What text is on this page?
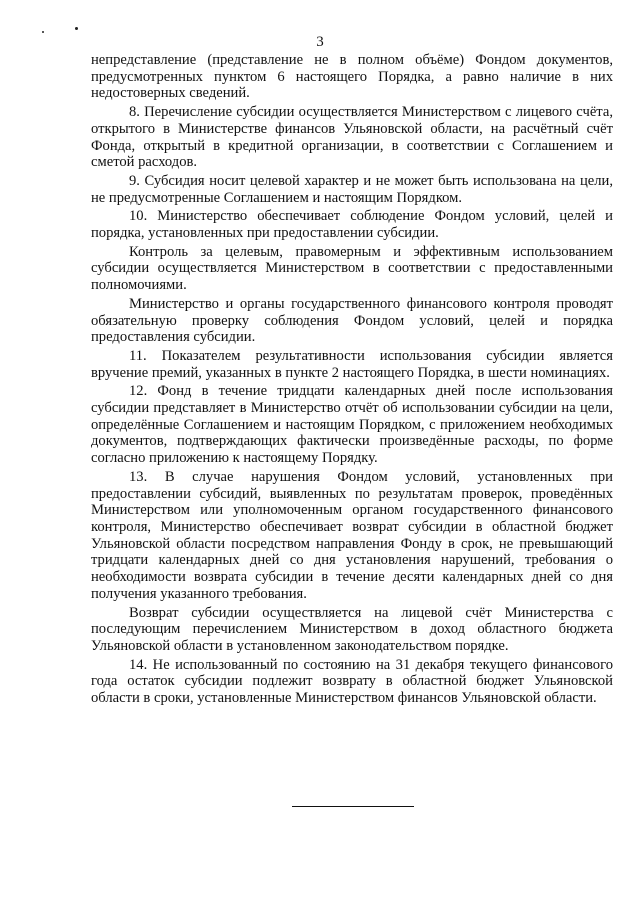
3

непредставление (представление не в полном объёме) Фондом документов, предусмотренных пунктом 6 настоящего Порядка, а равно наличие в них недостоверных сведений.

8. Перечисление субсидии осуществляется Министерством с лицевого счёта, открытого в Министерстве финансов Ульяновской области, на расчётный счёт Фонда, открытый в кредитной организации, в соответствии с Соглашением и сметой расходов.

9. Субсидия носит целевой характер и не может быть использована на цели, не предусмотренные Соглашением и настоящим Порядком.

10. Министерство обеспечивает соблюдение Фондом условий, целей и порядка, установленных при предоставлении субсидии.

Контроль за целевым, правомерным и эффективным использованием субсидии осуществляется Министерством в соответствии с предоставленными полномочиями.

Министерство и органы государственного финансового контроля проводят обязательную проверку соблюдения Фондом условий, целей и порядка предоставления субсидии.

11. Показателем результативности использования субсидии является вручение премий, указанных в пункте 2 настоящего Порядка, в шести номинациях.

12. Фонд в течение тридцати календарных дней после использования субсидии представляет в Министерство отчёт об использовании субсидии на цели, определённые Соглашением и настоящим Порядком, с приложением необходимых документов, подтверждающих фактически произведённые расходы, по форме согласно приложению к настоящему Порядку.

13. В случае нарушения Фондом условий, установленных при предоставлении субсидий, выявленных по результатам проверок, проведённых Министерством или уполномоченным органом государственного финансового контроля, Министерство обеспечивает возврат субсидии в областной бюджет Ульяновской области посредством направления Фонду в срок, не превышающий тридцати календарных дней со дня установления нарушений, требования о необходимости возврата субсидии в течение десяти календарных дней со дня получения указанного требования.

Возврат субсидии осуществляется на лицевой счёт Министерства с последующим перечислением Министерством в доход областного бюджета Ульяновской области в установленном законодательством порядке.

14. Не использованный по состоянию на 31 декабря текущего финансового года остаток субсидии подлежит возврату в областной бюджет Ульяновской области в сроки, установленные Министерством финансов Ульяновской области.
